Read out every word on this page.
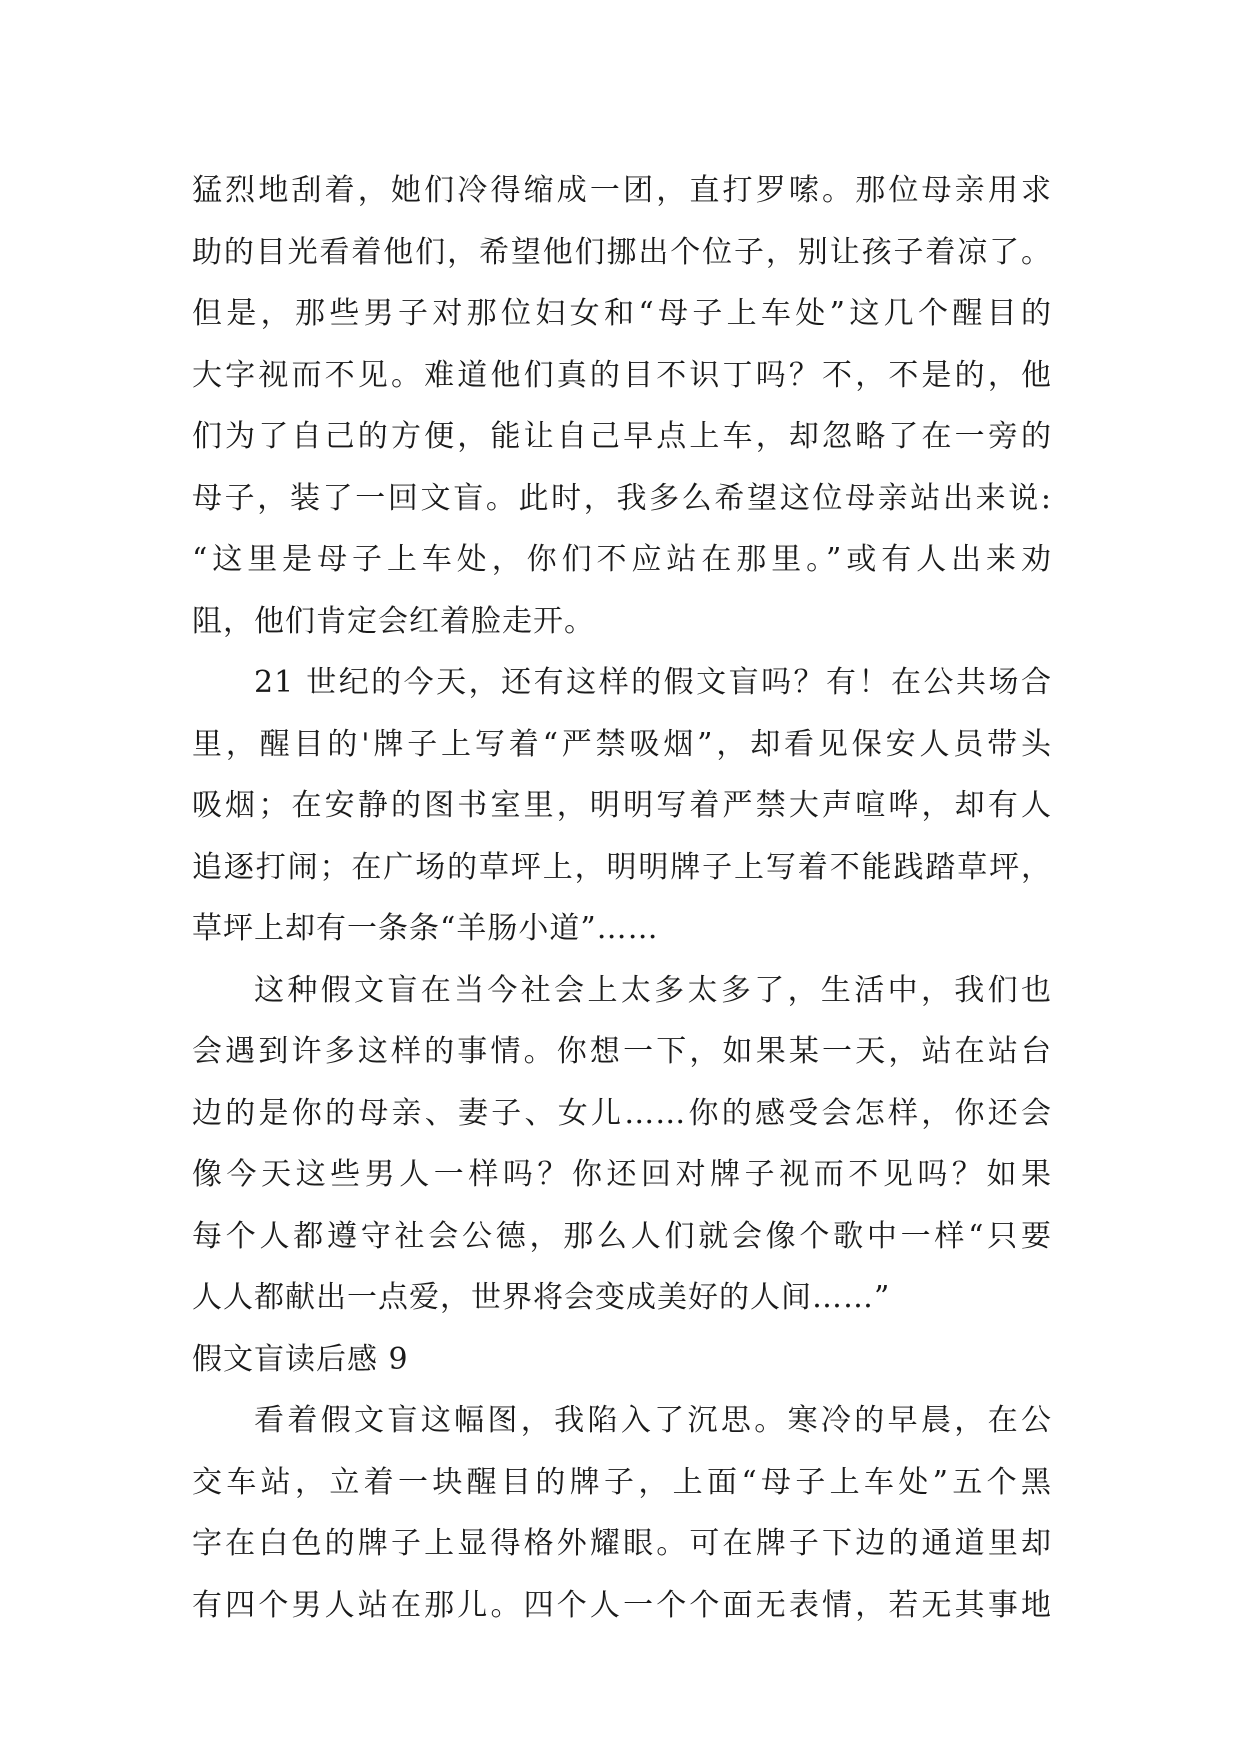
猛烈地刮着，她们冷得缩成一团，直打罗嗦。那位母亲用求
助的目光看着他们，希望他们挪出个位子，别让孩子着凉了。
但是，那些男子对那位妇女和“母子上车处”这几个醒目的
大字视而不见。难道他们真的目不识丁吗？不，不是的，他
们为了自己的方便，能让自己早点上车，却忽略了在一旁的
母子，装了一回文盲。此时，我多么希望这位母亲站出来说:
“这里是母子上车处，你们不应站在那里。”或有人出来劝
阻，他们肯定会红着脸走开。
21 世纪的今天，还有这样的假文盲吗？有！在公共场合
里，醒目的'牌子上写着“严禁吸烟”，却看见保安人员带头
吸烟；在安静的图书室里，明明写着严禁大声喧哗，却有人
追逐打闹；在广场的草坪上，明明牌子上写着不能践踏草坪，
草坪上却有一条条“羊肠小道”……
这种假文盲在当今社会上太多太多了，生活中，我们也
会遇到许多这样的事情。你想一下，如果某一天，站在站台
边的是你的母亲、妻子、女儿……你的感受会怎样，你还会
像今天这些男人一样吗？你还回对牌子视而不见吗？如果
每个人都遵守社会公德，那么人们就会像个歌中一样“只要
人人都献出一点爱，世界将会变成美好的人间……”
假文盲读后感 9
看着假文盲这幅图，我陷入了沉思。寒冷的早晨，在公
交车站，立着一块醒目的牌子，上面“母子上车处”五个黑
字在白色的牌子上显得格外耀眼。可在牌子下边的通道里却
有四个男人站在那儿。四个人一个个面无表情，若无其事地
